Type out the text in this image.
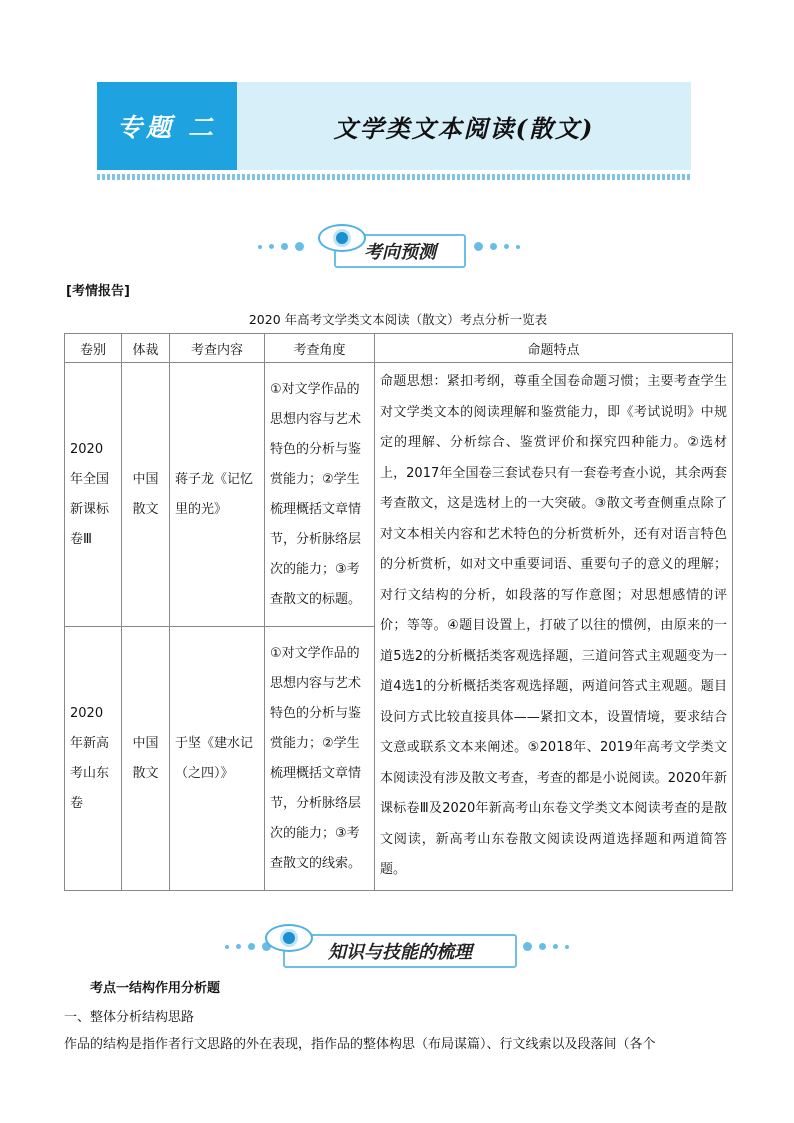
专题 二	文学类文本阅读(散文)
考向预测
[考情报告]
2020 年高考文学类文本阅读（散文）考点分析一览表
卷别	体裁	考查内容	考查角度	命题特点
2020 年全国新课标卷Ⅲ	中国散文	蒋子龙《记忆里的光》	①对文学作品的思想内容与艺术特色的分析与鉴赏能力；②学生梳理概括文章情节，分析脉络层次的能力；③考查散文的标题。	命题思想：紧扣考纲，尊重全国卷命题习惯；主要考查学生对文学类文本的阅读理解和鉴赏能力，即《考试说明》中规定的理解、分析综合、鉴赏评价和探究四种能力。②选材上，2017年全国卷三套试卷只有一套卷考查小说，其余两套考查散文，这是选材上的一大突破。③散文考查侧重点除了对文本相关内容和艺术特色的分析赏析外，还有对语言特色的分析赏析，如对文中重要词语、重要句子的意义的理解；对行文结构的分析，如段落的写作意图；对思想感情的评价；等等。④题目设置上，打破了以往的惯例，由原来的一道5选2的分析概括类客观选择题，三道问答式主观题变为一道4选1的分析概括类客观选择题，两道问答式主观题。题目设问方式比较直接具体——紧扣文本，设置情境，要求结合文意或联系文本来阐述。⑤2018年、2019年高考文学类文本阅读没有涉及散文考查，考查的都是小说阅读。2020年新课标卷Ⅲ及2020年新高考山东卷文学类文本阅读考查的是散文阅读，新高考山东卷散文阅读设两道选择题和两道简答题。
2020 年新高考山东卷	中国散文	于坚《建水记（之四）》	①对文学作品的思想内容与艺术特色的分析与鉴赏能力；②学生梳理概括文章情节，分析脉络层次的能力；③考查散文的线索。	
知识与技能的梳理
考点一结构作用分析题
一、整体分析结构思路
作品的结构是指作者行文思路的外在表现，指作品的整体构思（布局谋篇）、行文线索以及段落间（各个
